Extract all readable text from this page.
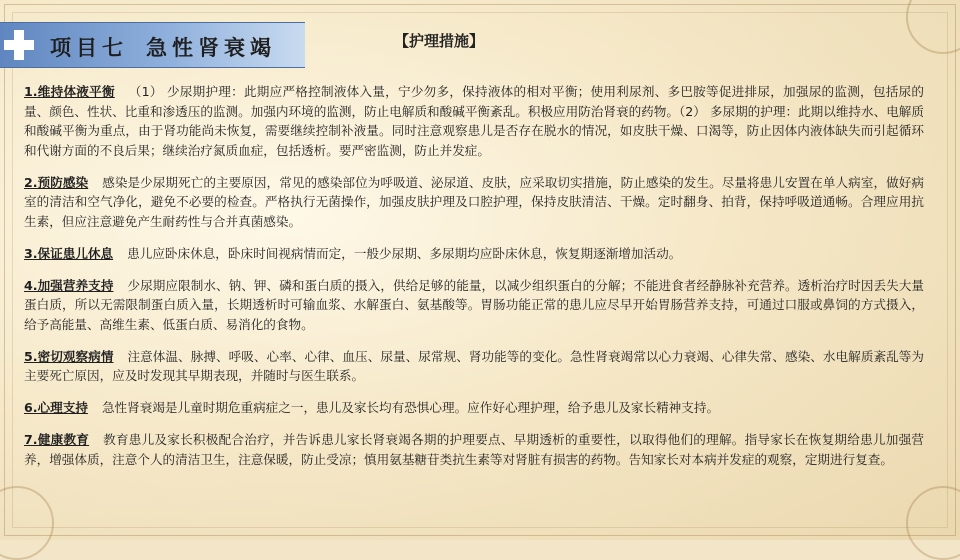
项目七 急性肾衰竭	【护理措施】

1.维持体液平衡 （1） 少尿期护理：此期应严格控制液体入量，宁少勿多，保持液体的相对平衡；使用利尿剂、多巴胺等促进排尿，加强尿的监测，包括尿的量、颜色、性状、比重和渗透压的监测。加强内环境的监测，防止电解质和酸碱平衡紊乱。积极应用防治肾衰的药物。（2） 多尿期的护理：此期以维持水、电解质和酸碱平衡为重点，由于肾功能尚未恢复，需要继续控制补液量。同时注意观察患儿是否存在脱水的情况，如皮肤干燥、口渴等，防止因体内液体缺失而引起循环和代谢方面的不良后果；继续治疗氮质血症，包括透析。要严密监测，防止并发症。

2.预防感染 感染是少尿期死亡的主要原因，常见的感染部位为呼吸道、泌尿道、皮肤，应采取切实措施，防止感染的发生。尽量将患儿安置在单人病室，做好病室的清洁和空气净化，避免不必要的检查。严格执行无菌操作，加强皮肤护理及口腔护理，保持皮肤清洁、干燥。定时翻身、拍背，保持呼吸道通畅。合理应用抗生素，但应注意避免产生耐药性与合并真菌感染。

3.保证患儿休息 患儿应卧床休息，卧床时间视病情而定，一般少尿期、多尿期均应卧床休息，恢复期逐渐增加活动。

4.加强营养支持 少尿期应限制水、钠、钾、磷和蛋白质的摄入，供给足够的能量，以减少组织蛋白的分解；不能进食者经静脉补充营养。透析治疗时因丢失大量蛋白质，所以无需限制蛋白质入量，长期透析时可输血浆、水解蛋白、氨基酸等。胃肠功能正常的患儿应尽早开始胃肠营养支持，可通过口服或鼻饲的方式摄入，给予高能量、高维生素、低蛋白质、易消化的食物。

5.密切观察病情 注意体温、脉搏、呼吸、心率、心律、血压、尿量、尿常规、肾功能等的变化。急性肾衰竭常以心力衰竭、心律失常、感染、水电解质紊乱等为主要死亡原因，应及时发现其早期表现，并随时与医生联系。

6.心理支持 急性肾衰竭是儿童时期危重病症之一，患儿及家长均有恐惧心理。应作好心理护理，给予患儿及家长精神支持。

7.健康教育 教育患儿及家长积极配合治疗，并告诉患儿家长肾衰竭各期的护理要点、早期透析的重要性，以取得他们的理解。指导家长在恢复期给患儿加强营养，增强体质，注意个人的清洁卫生，注意保暖，防止受凉；慎用氨基糖苷类抗生素等对肾脏有损害的药物。告知家长对本病并发症的观察，定期进行复查。
